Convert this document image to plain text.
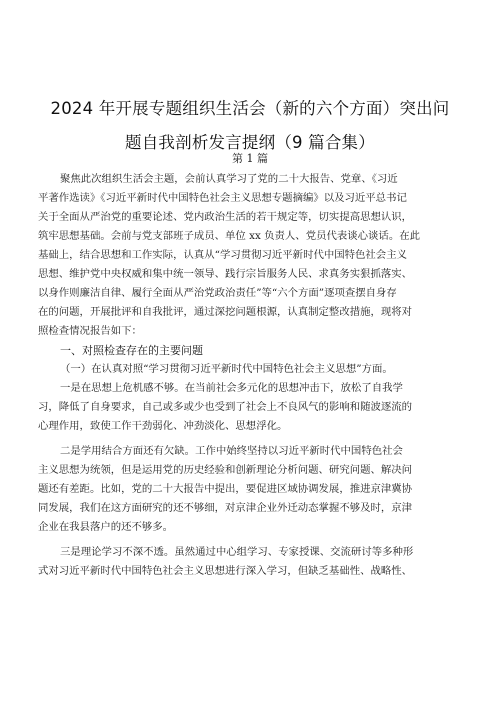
2024 年开展专题组织生活会（新的六个方面）突出问
题自我剖析发言提纲（9 篇合集）
第 1 篇
聚焦此次组织生活会主题，会前认真学习了党的二十大报告、党章、《习近
平著作选读》《习近平新时代中国特色社会主义思想专题摘编》以及习近平总书记
关于全面从严治党的重要论述、党内政治生活的若干规定等，切实提高思想认识，
筑牢思想基础。会前与党支部班子成员、单位 xx 负责人、党员代表谈心谈话。在此
基础上，结合思想和工作实际，认真从“学习贯彻习近平新时代中国特色社会主义
思想、维护党中央权威和集中统一领导、践行宗旨服务人民、求真务实狠抓落实、
以身作则廉洁自律、履行全面从严治党政治责任”等“六个方面”逐项查摆自身存
在的问题，开展批评和自我批评，通过深挖问题根源，认真制定整改措施，现将对
照检查情况报告如下：
一、对照检查存在的主要问题
（一）在认真对照“学习贯彻习近平新时代中国特色社会主义思想”方面。
一是在思想上危机感不够。在当前社会多元化的思想冲击下，放松了自我学
习，降低了自身要求，自己或多或少也受到了社会上不良风气的影响和随波逐流的
心理作用，致使工作干劲弱化、冲劲淡化、思想浮化。
二是学用结合方面还有欠缺。工作中始终坚持以习近平新时代中国特色社会
主义思想为统领，但是运用党的历史经验和创新理论分析问题、研究问题、解决问
题还有差距。比如，党的二十大报告中提出，要促进区域协调发展，推进京津冀协
同发展，我们在这方面研究的还不够细，对京津企业外迁动态掌握不够及时，京津
企业在我县落户的还不够多。
三是理论学习不深不透。虽然通过中心组学习、专家授课、交流研讨等多种形
式对习近平新时代中国特色社会主义思想进行深入学习，但缺乏基础性、战略性、
